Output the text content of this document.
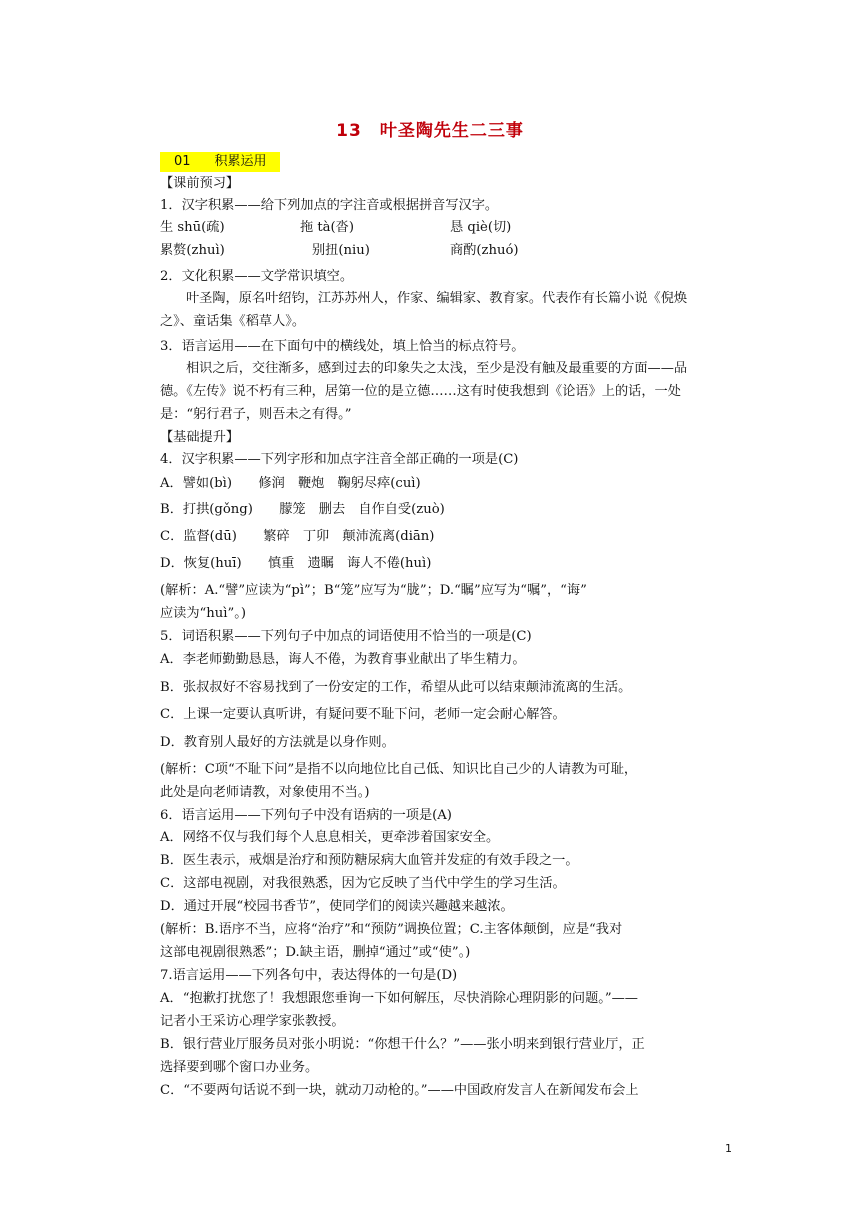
13　叶圣陶先生二三事
01 积累运用
【课前预习】
1．汉字积累——给下列加点的字注音或根据拼音写汉字。
生 shū(疏)	拖 tà(沓)	恳 qiè(切)
累赘(zhuì)	别扭(niu)	商酌(zhuó)
2．文化积累——文学常识填空。
叶圣陶，原名叶绍钧，江苏苏州人，作家、编辑家、教育家。代表作有长篇小说《倪焕
之》、童话集《稻草人》。
3．语言运用——在下面句中的横线处，填上恰当的标点符号。
相识之后，交往渐多，感到过去的印象失之太浅，至少是没有触及最重要的方面——品
德。《左传》说不朽有三种，居第一位的是立德……这有时使我想到《论语》上的话，一处
是：“躬行君子，则吾未之有得。”
【基础提升】
4．汉字积累——下列字形和加点字注音全部正确的一项是(C)
A．譬如(bì)　　修润　鞭炮　鞠躬尽瘁(cuì)
B．打拱(gǒng)　　朦笼　删去　自作自受(zuò)
C．监督(dū)　　繁碎　丁卯　颠沛流离(diān)
D．恢复(huī)　　慎重　遗瞩　诲人不倦(huì)
(解析：A.“譬”应读为“pì”；B“笼”应写为“胧”；D.“瞩”应写为“嘱”，“诲”
应读为“huì”。)
5．词语积累——下列句子中加点的词语使用不恰当的一项是(C)
A．李老师勤勤恳恳，诲人不倦，为教育事业献出了毕生精力。
B．张叔叔好不容易找到了一份安定的工作，希望从此可以结束颠沛流离的生活。
C．上课一定要认真听讲，有疑问要不耻下问，老师一定会耐心解答。
D．教育别人最好的方法就是以身作则。
(解析：C项“不耻下问”是指不以向地位比自己低、知识比自己少的人请教为可耻，
此处是向老师请教，对象使用不当。)
6．语言运用——下列句子中没有语病的一项是(A)
A．网络不仅与我们每个人息息相关，更牵涉着国家安全。
B．医生表示，戒烟是治疗和预防糖尿病大血管并发症的有效手段之一。
C．这部电视剧，对我很熟悉，因为它反映了当代中学生的学习生活。
D．通过开展“校园书香节”，使同学们的阅读兴趣越来越浓。
(解析：B.语序不当，应将“治疗”和“预防”调换位置；C.主客体颠倒，应是“我对
这部电视剧很熟悉”；D.缺主语，删掉“通过”或“使”。)
7.语言运用——下列各句中，表达得体的一句是(D)
A．“抱歉打扰您了！我想跟您垂询一下如何解压，尽快消除心理阴影的问题。”——
记者小王采访心理学家张教授。
B．银行营业厅服务员对张小明说：“你想干什么？”——张小明来到银行营业厅，正
选择要到哪个窗口办业务。
C．“不要两句话说不到一块，就动刀动枪的。”——中国政府发言人在新闻发布会上
1
